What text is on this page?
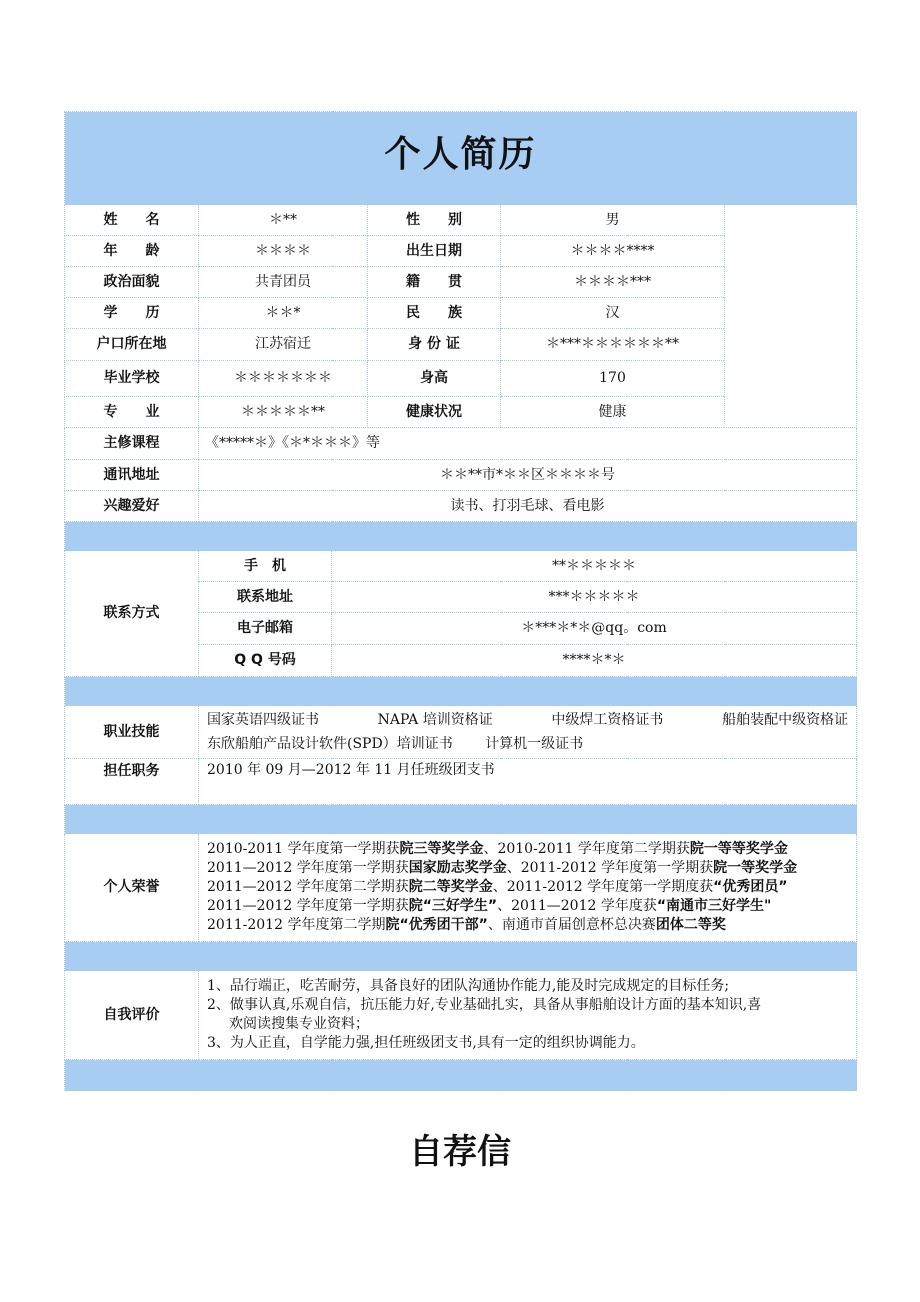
个人简历					
姓　　名	＊**		性　　别	男	
年　　龄	＊＊＊＊		出生日期	＊＊＊＊****	
政治面貌	共青团员		籍　　贯	＊＊＊＊***	
学　　历	＊＊*		民　　族	汉	
户口所在地	江苏宿迁		身 份 证	＊***＊＊＊＊＊＊**	
毕业学校	＊＊＊＊＊＊＊		身高	170	
专　　业	＊＊＊＊＊**		健康状况	健康	
主修课程	《*****＊》《＊*＊＊＊》等				
通讯地址	＊＊**市*＊＊区＊＊＊＊号				
兴趣爱好	读书、打羽毛球、看电影				

联系方式	手　机	**＊＊＊＊＊			
	联系地址	***＊＊＊＊＊			
	电子邮箱	＊***＊*＊@qq。com			
	Q Q 号码	****＊*＊			

职业技能	国家英语四级证书 NAPA 培训资格证 中级焊工资格证书 船舶装配中级资格证
东欣船舶产品设计软件(SPD）培训证书 计算机一级证书				

担任职务	2010 年 09 月—2012 年 11 月任班级团支书				

个人荣誉	2010-2011 学年度第一学期获院三等奖学金、2010-2011 学年度第二学期获院一等等奖学金
2011—2012 学年度第一学期获国家励志奖学金、2011-2012 学年度第一学期获院一等奖学金
2011—2012 学年度第二学期获院二等奖学金、2011-2012 学年度第一学期度获“优秀团员”
2011—2012 学年度第一学期获院“三好学生”、2011—2012 学年度获“南通市三好学生"
2011-2012 学年度第二学期院“优秀团干部”、南通市首届创意杯总决赛团体二等奖				

自我评价	1、品行端正，吃苦耐劳，具备良好的团队沟通协作能力,能及时完成规定的目标任务;

2、做事认真,乐观自信，抗压能力好,专业基础扎实，具备从事船舶设计方面的基本知识,喜

欢阅读搜集专业资料；

3、为人正直，自学能力强,担任班级团支书,具有一定的组织协调能力。				

自荐信
